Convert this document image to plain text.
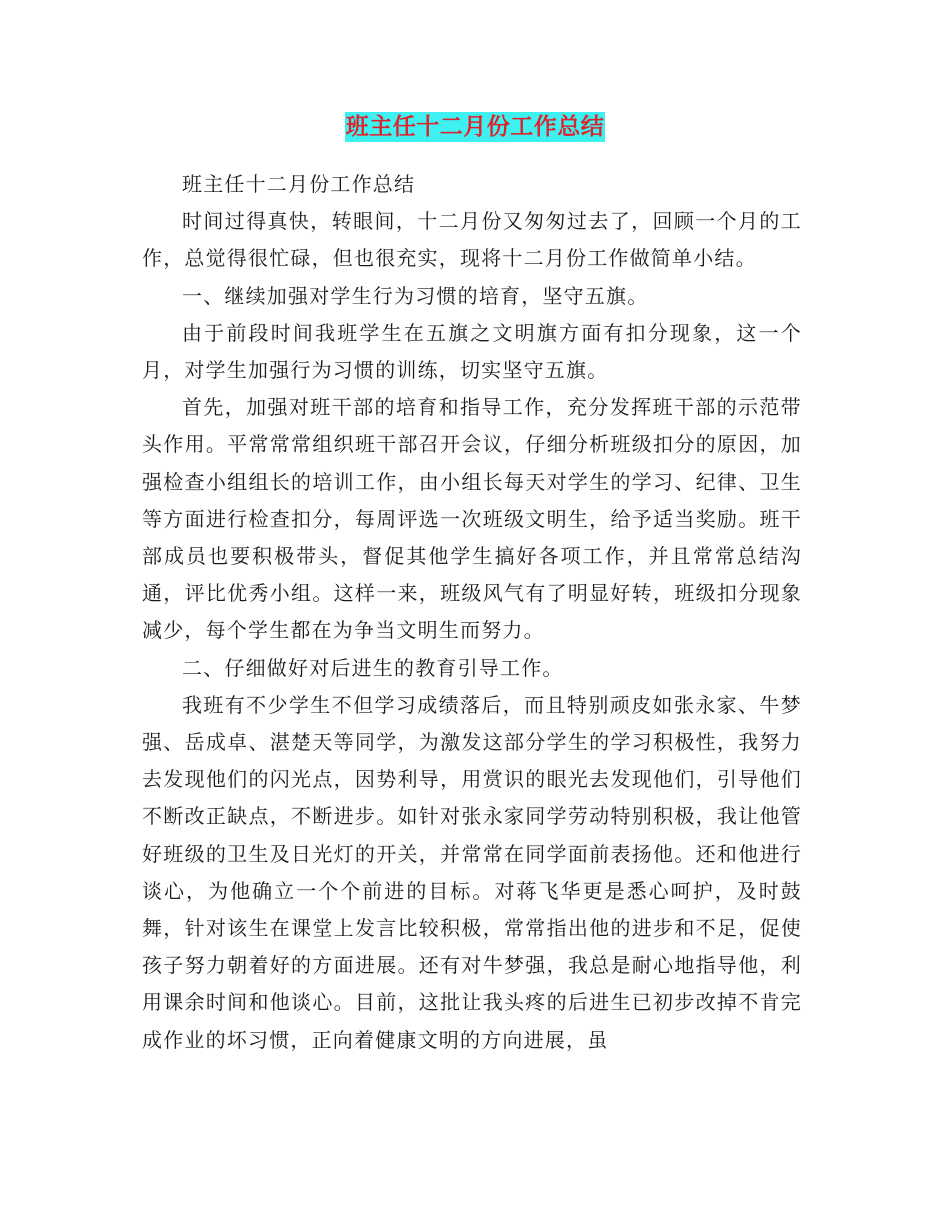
班主任十二月份工作总结

班主任十二月份工作总结

时间过得真快，转眼间，十二月份又匆匆过去了，回顾一个月的工作，总觉得很忙碌，但也很充实，现将十二月份工作做简单小结。

一、继续加强对学生行为习惯的培育，坚守五旗。

由于前段时间我班学生在五旗之文明旗方面有扣分现象，这一个月，对学生加强行为习惯的训练，切实坚守五旗。

首先，加强对班干部的培育和指导工作，充分发挥班干部的示范带头作用。平常常常组织班干部召开会议，仔细分析班级扣分的原因，加强检查小组组长的培训工作，由小组长每天对学生的学习、纪律、卫生等方面进行检查扣分，每周评选一次班级文明生，给予适当奖励。班干部成员也要积极带头，督促其他学生搞好各项工作，并且常常总结沟通，评比优秀小组。这样一来，班级风气有了明显好转，班级扣分现象减少，每个学生都在为争当文明生而努力。

二、仔细做好对后进生的教育引导工作。

我班有不少学生不但学习成绩落后，而且特别顽皮如张永家、牛梦强、岳成卓、湛楚天等同学，为激发这部分学生的学习积极性，我努力去发现他们的闪光点，因势利导，用赏识的眼光去发现他们，引导他们不断改正缺点，不断进步。如针对张永家同学劳动特别积极，我让他管好班级的卫生及日光灯的开关，并常常在同学面前表扬他。还和他进行谈心，为他确立一个个前进的目标。对蒋飞华更是悉心呵护，及时鼓舞，针对该生在课堂上发言比较积极，常常指出他的进步和不足，促使孩子努力朝着好的方面进展。还有对牛梦强，我总是耐心地指导他，利用课余时间和他谈心。目前，这批让我头疼的后进生已初步改掉不肯完成作业的坏习惯，正向着健康文明的方向进展，虽
